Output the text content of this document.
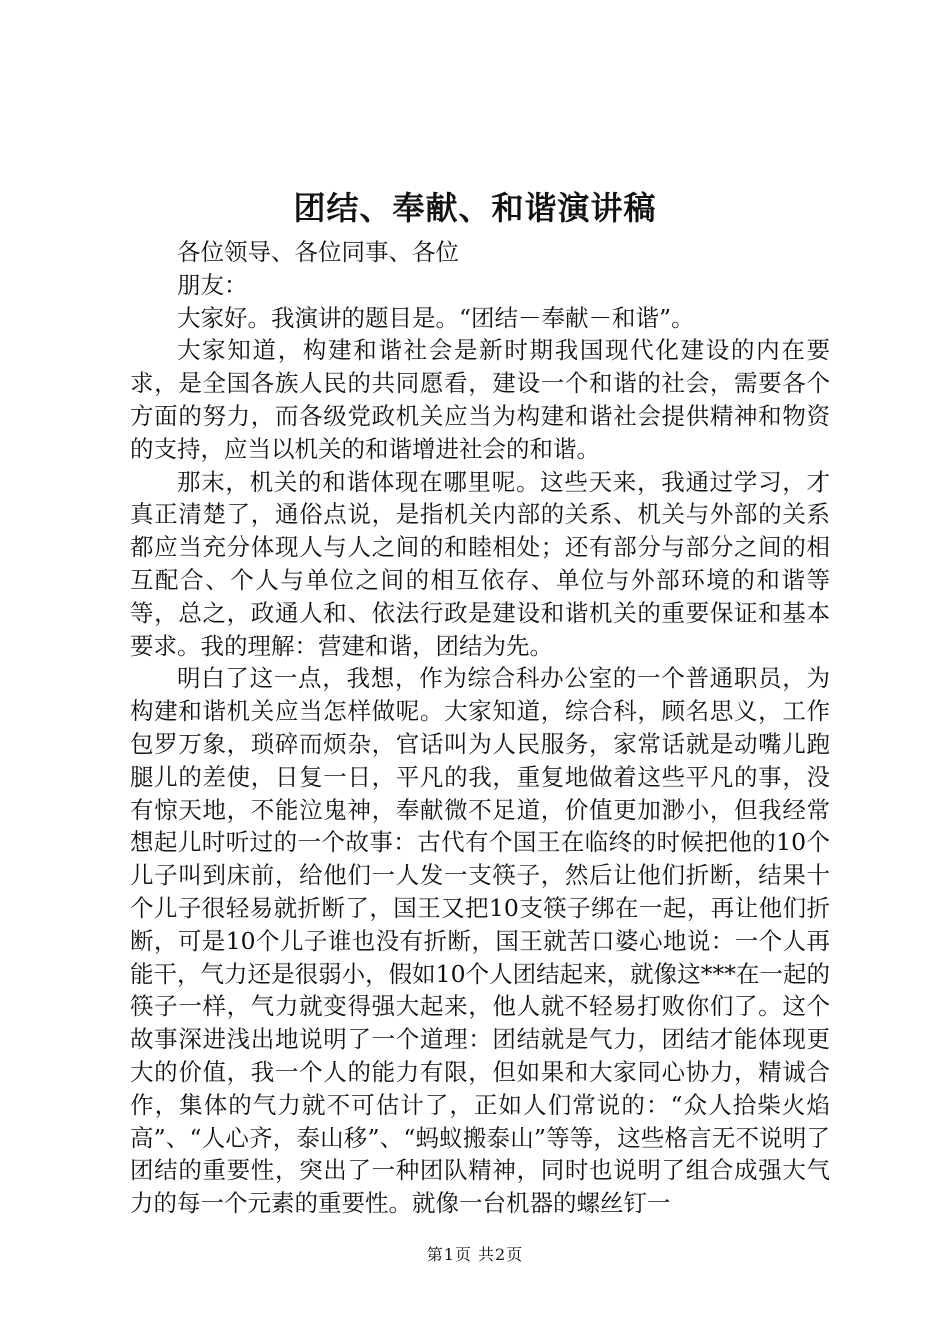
团结、奉献、和谐演讲稿

各位领导、各位同事、各位

朋友：

大家好。我演讲的题目是。“团结－奉献－和谐”。

大家知道，构建和谐社会是新时期我国现代化建设的内在要求，是全国各族人民的共同愿看，建设一个和谐的社会，需要各个方面的努力，而各级党政机关应当为构建和谐社会提供精神和物资的支持，应当以机关的和谐增进社会的和谐。

那末，机关的和谐体现在哪里呢。这些天来，我通过学习，才真正清楚了，通俗点说，是指机关内部的关系、机关与外部的关系都应当充分体现人与人之间的和睦相处；还有部分与部分之间的相互配合、个人与单位之间的相互依存、单位与外部环境的和谐等等，总之，政通人和、依法行政是建设和谐机关的重要保证和基本要求。我的理解：营建和谐，团结为先。

明白了这一点，我想，作为综合科办公室的一个普通职员，为构建和谐机关应当怎样做呢。大家知道，综合科，顾名思义，工作包罗万象，琐碎而烦杂，官话叫为人民服务，家常话就是动嘴儿跑腿儿的差使，日复一日，平凡的我，重复地做着这些平凡的事，没有惊天地，不能泣鬼神，奉献微不足道，价值更加渺小，但我经常想起儿时听过的一个故事：古代有个国王在临终的时候把他的10个儿子叫到床前，给他们一人发一支筷子，然后让他们折断，结果十个儿子很轻易就折断了，国王又把10支筷子绑在一起，再让他们折断，可是10个儿子谁也没有折断，国王就苦口婆心地说：一个人再能干，气力还是很弱小，假如10个人团结起来，就像这***在一起的筷子一样，气力就变得强大起来，他人就不轻易打败你们了。这个故事深进浅出地说明了一个道理：团结就是气力，团结才能体现更大的价值，我一个人的能力有限，但如果和大家同心协力，精诚合作，集体的气力就不可估计了，正如人们常说的：“众人拾柴火焰高”、“人心齐，泰山移”、“蚂蚁搬泰山”等等，这些格言无不说明了团结的重要性，突出了一种团队精神，同时也说明了组合成强大气力的每一个元素的重要性。就像一台机器的螺丝钉一

第1页 共2页
